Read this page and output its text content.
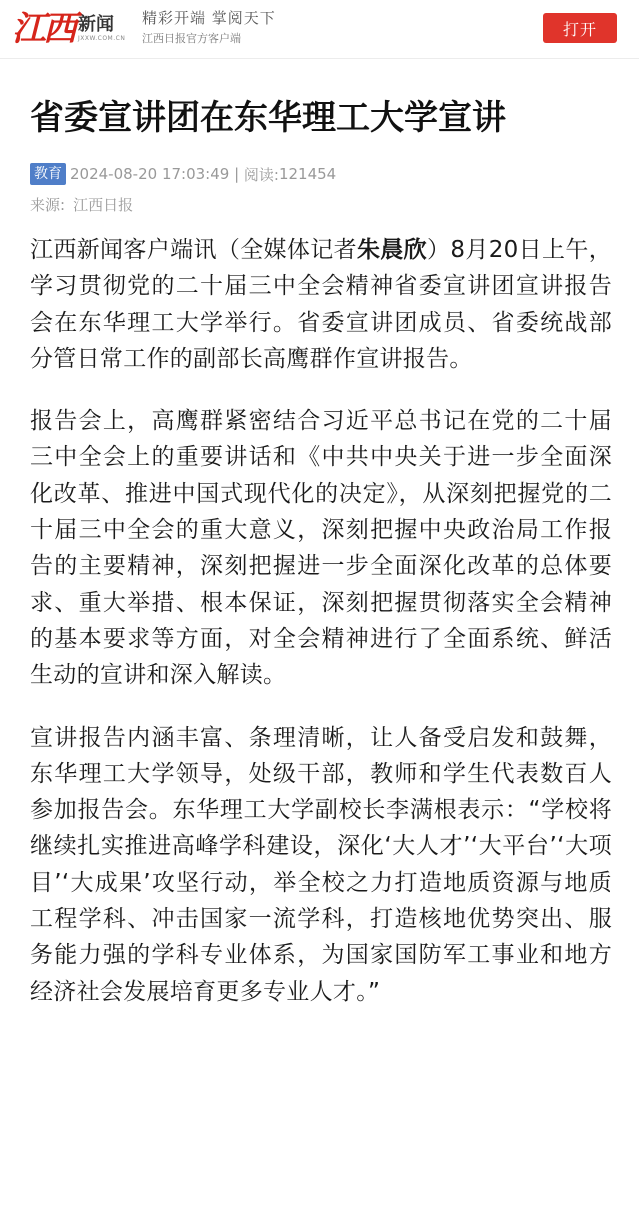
江西 新闻
JXXW.COM.CN
精彩开端 掌阅天下
江西日报官方客户端	打开
省委宣讲团在东华理工大学宣讲
教育 2024-08-20 17:03:49 | 阅读: 121454
来源: 江西日报

江西新闻客户端讯（全媒体记者朱晨欣）8月20日上午，学习贯彻党的二十届三中全会精神省委宣讲团宣讲报告会在东华理工大学举行。省委宣讲团成员、省委统战部分管日常工作的副部长高鹰群作宣讲报告。

报告会上，高鹰群紧密结合习近平总书记在党的二十届三中全会上的重要讲话和《中共中央关于进一步全面深化改革、推进中国式现代化的决定》，从深刻把握党的二十届三中全会的重大意义，深刻把握中央政治局工作报告的主要精神，深刻把握进一步全面深化改革的总体要求、重大举措、根本保证，深刻把握贯彻落实全会精神的基本要求等方面，对全会精神进行了全面系统、鲜活生动的宣讲和深入解读。

宣讲报告内涵丰富、条理清晰，让人备受启发和鼓舞，东华理工大学领导，处级干部，教师和学生代表数百人参加报告会。东华理工大学副校长李满根表示：“学校将继续扎实推进高峰学科建设，深化‘大人才’‘大平台’‘大项目’‘大成果’攻坚行动，举全校之力打造地质资源与地质工程学科、冲击国家一流学科，打造核地优势突出、服务能力强的学科专业体系，为国家国防军工事业和地方经济社会发展培育更多专业人才。”
